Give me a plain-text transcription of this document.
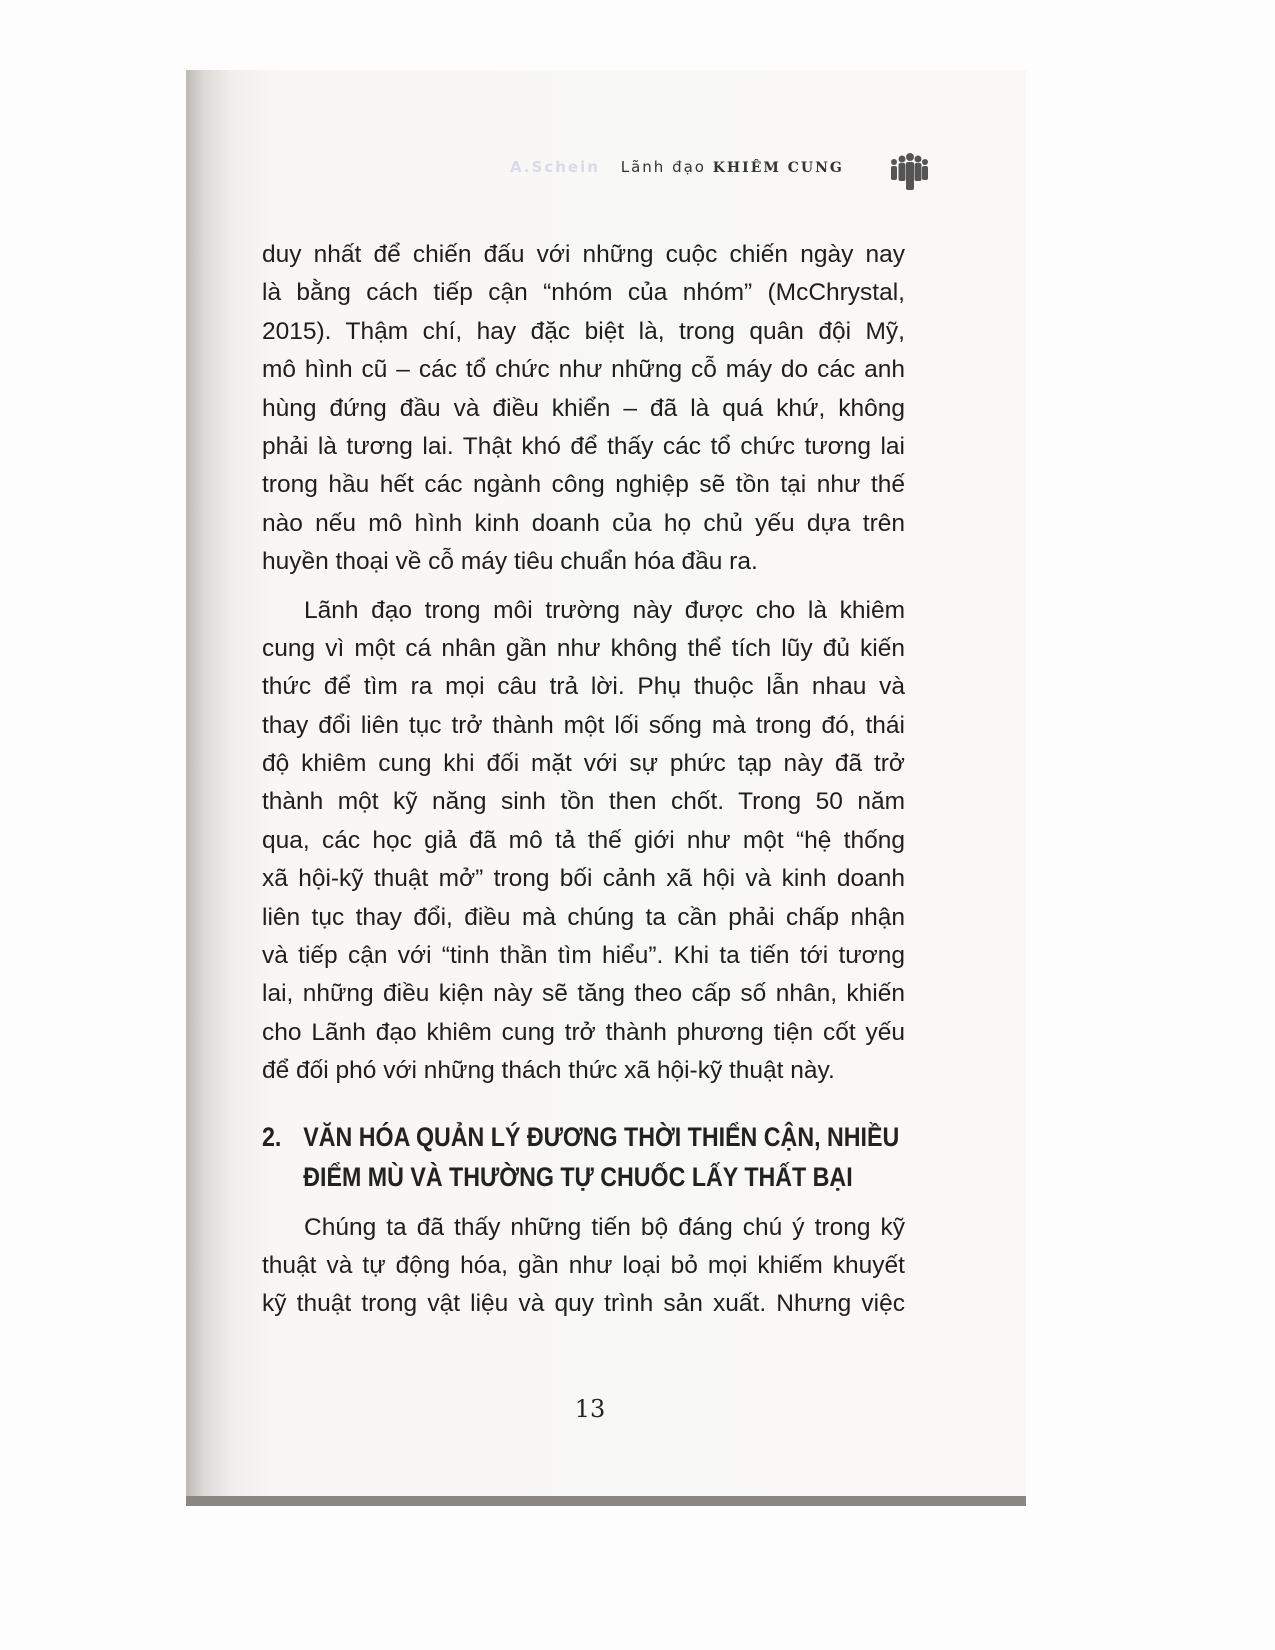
A.Schein Lãnh đạo KHIÊM CUNG
duy nhất để chiến đấu với những cuộc chiến ngày nay
là bằng cách tiếp cận “nhóm của nhóm” (McChrystal,
2015). Thậm chí, hay đặc biệt là, trong quân đội Mỹ,
mô hình cũ – các tổ chức như những cỗ máy do các anh
hùng đứng đầu và điều khiển – đã là quá khứ, không
phải là tương lai. Thật khó để thấy các tổ chức tương lai
trong hầu hết các ngành công nghiệp sẽ tồn tại như thế
nào nếu mô hình kinh doanh của họ chủ yếu dựa trên
huyền thoại về cỗ máy tiêu chuẩn hóa đầu ra.
Lãnh đạo trong môi trường này được cho là khiêm
cung vì một cá nhân gần như không thể tích lũy đủ kiến
thức để tìm ra mọi câu trả lời. Phụ thuộc lẫn nhau và
thay đổi liên tục trở thành một lối sống mà trong đó, thái
độ khiêm cung khi đối mặt với sự phức tạp này đã trở
thành một kỹ năng sinh tồn then chốt. Trong 50 năm
qua, các học giả đã mô tả thế giới như một “hệ thống
xã hội-kỹ thuật mở” trong bối cảnh xã hội và kinh doanh
liên tục thay đổi, điều mà chúng ta cần phải chấp nhận
và tiếp cận với “tinh thần tìm hiểu”. Khi ta tiến tới tương
lai, những điều kiện này sẽ tăng theo cấp số nhân, khiến
cho Lãnh đạo khiêm cung trở thành phương tiện cốt yếu
để đối phó với những thách thức xã hội-kỹ thuật này.
2. VĂN HÓA QUẢN LÝ ĐƯƠNG THỜI THIỂN CẬN, NHIỀU
ĐIỂM MÙ VÀ THƯỜNG TỰ CHUỐC LẤY THẤT BẠI
Chúng ta đã thấy những tiến bộ đáng chú ý trong kỹ
thuật và tự động hóa, gần như loại bỏ mọi khiếm khuyết
kỹ thuật trong vật liệu và quy trình sản xuất. Nhưng việc
13
